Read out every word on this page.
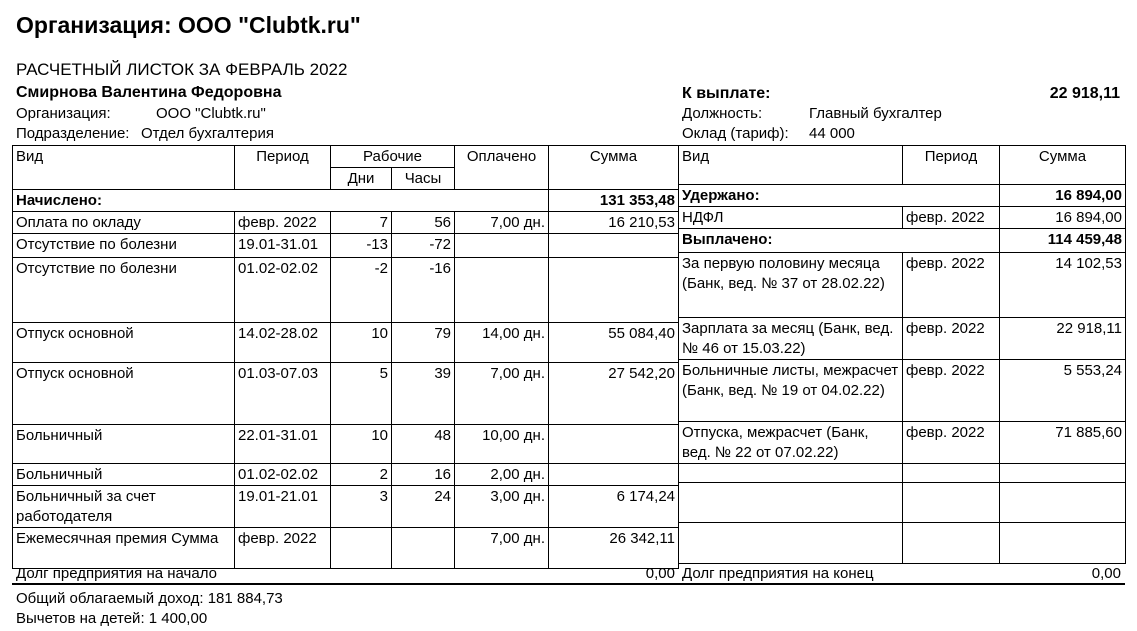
Организация: ООО "Clubtk.ru"
РАСЧЕТНЫЙ ЛИСТОК ЗА ФЕВРАЛЬ 2022
Смирнова Валентина Федоровна
Организация:	ООО "Clubtk.ru"
Подразделение: Отдел бухгалтерия
К выплате:	22 918,11
Должность:	Главный бухгалтер
Оклад (тариф): 44 000
Вид	Период	Рабочие		Оплачено	Сумма
		Дни	Часы		
Начислено:					131 353,48
Оплата по окладу	февр. 2022	7	56	7,00 дн.	16 210,53
Отсутствие по болезни	19.01-31.01	-13	-72		
Отсутствие по болезни	01.02-02.02	-2	-16		
Отпуск основной	14.02-28.02	10	79	14,00 дн.	55 084,40
Отпуск основной	01.03-07.03	5	39	7,00 дн.	27 542,20
Больничный	22.01-31.01	10	48	10,00 дн.	
Больничный	01.02-02.02	2	16	2,00 дн.	
Больничный за счет работодателя	19.01-21.01	3	24	3,00 дн.	6 174,24
Ежемесячная премия Сумма	февр. 2022			7,00 дн.	26 342,11
Вид	Период	Сумма
Удержано:		16 894,00
НДФЛ	февр. 2022	16 894,00
Выплачено:		114 459,48
За первую половину месяца (Банк, вед. № 37 от 28.02.22)	февр. 2022	14 102,53
Зарплата за месяц (Банк, вед. № 46 от 15.03.22)	февр. 2022	22 918,11
Больничные листы, межрасчет (Банк, вед. № 19 от 04.02.22)	февр. 2022	5 553,24
Отпуска, межрасчет (Банк, вед. № 22 от 07.02.22)	февр. 2022	71 885,60

Долг предприятия на начало	0,00 Долг предприятия на конец	0,00
Общий облагаемый доход: 181 884,73
Вычетов на детей: 1 400,00
